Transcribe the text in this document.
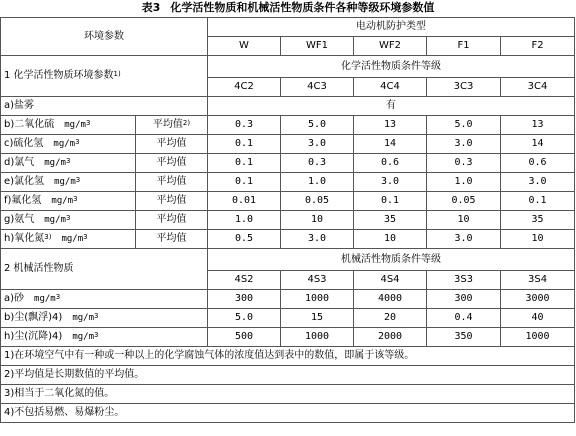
表3 化学活性物质和机械活性物质条件各种等级环境参数值
环境参数		电动机防护类型				
		W	WF1	WF2	F1	F2
1 化学活性物质环境参数$^{1)}$		化学活性物质条件等级				
		4C2	4C3	4C4	3C3	3C4
a)盐雾		有				
b)二氧化硫 $mg/m^3$	平均值$^{2)}$	0.3	5.0	13	5.0	13
c)硫化氢 $mg/m^3$	平均值	0.1	3.0	14	3.0	14
d)氯气 $mg/m^3$	平均值	0.1	0.3	0.6	0.3	0.6
e)氯化氢 $mg/m^3$	平均值	0.1	1.0	3.0	1.0	3.0
f)氟化氢 $mg/m^3$	平均值	0.01	0.05	0.1	0.05	0.1
g)氨气 $mg/m^3$	平均值	1.0	10	35	10	35
h)氧化氮$^{3)}$ $mg/m^3$	平均值	0.5	3.0	10	3.0	10
2 机械活性物质		机械活性物质条件等级				
		4S2	4S3	4S4	3S3	3S4
a)砂 $mg/m^3$		300	1000	4000	300	3000
b)尘(飘浮)4) $mg/m^3$		5.0	15	20	0.4	40
h)尘(沉降)4) $mg/m^3$		500	1000	2000	350	1000
1)在环境空气中有一种或一种以上的化学腐蚀气体的浓度值达到表中的数值，即属于该等级。						
2)平均值是长期数值的平均值。						
3)相当于二氧化氮的值。						
4)不包括易燃、易爆粉尘。						
